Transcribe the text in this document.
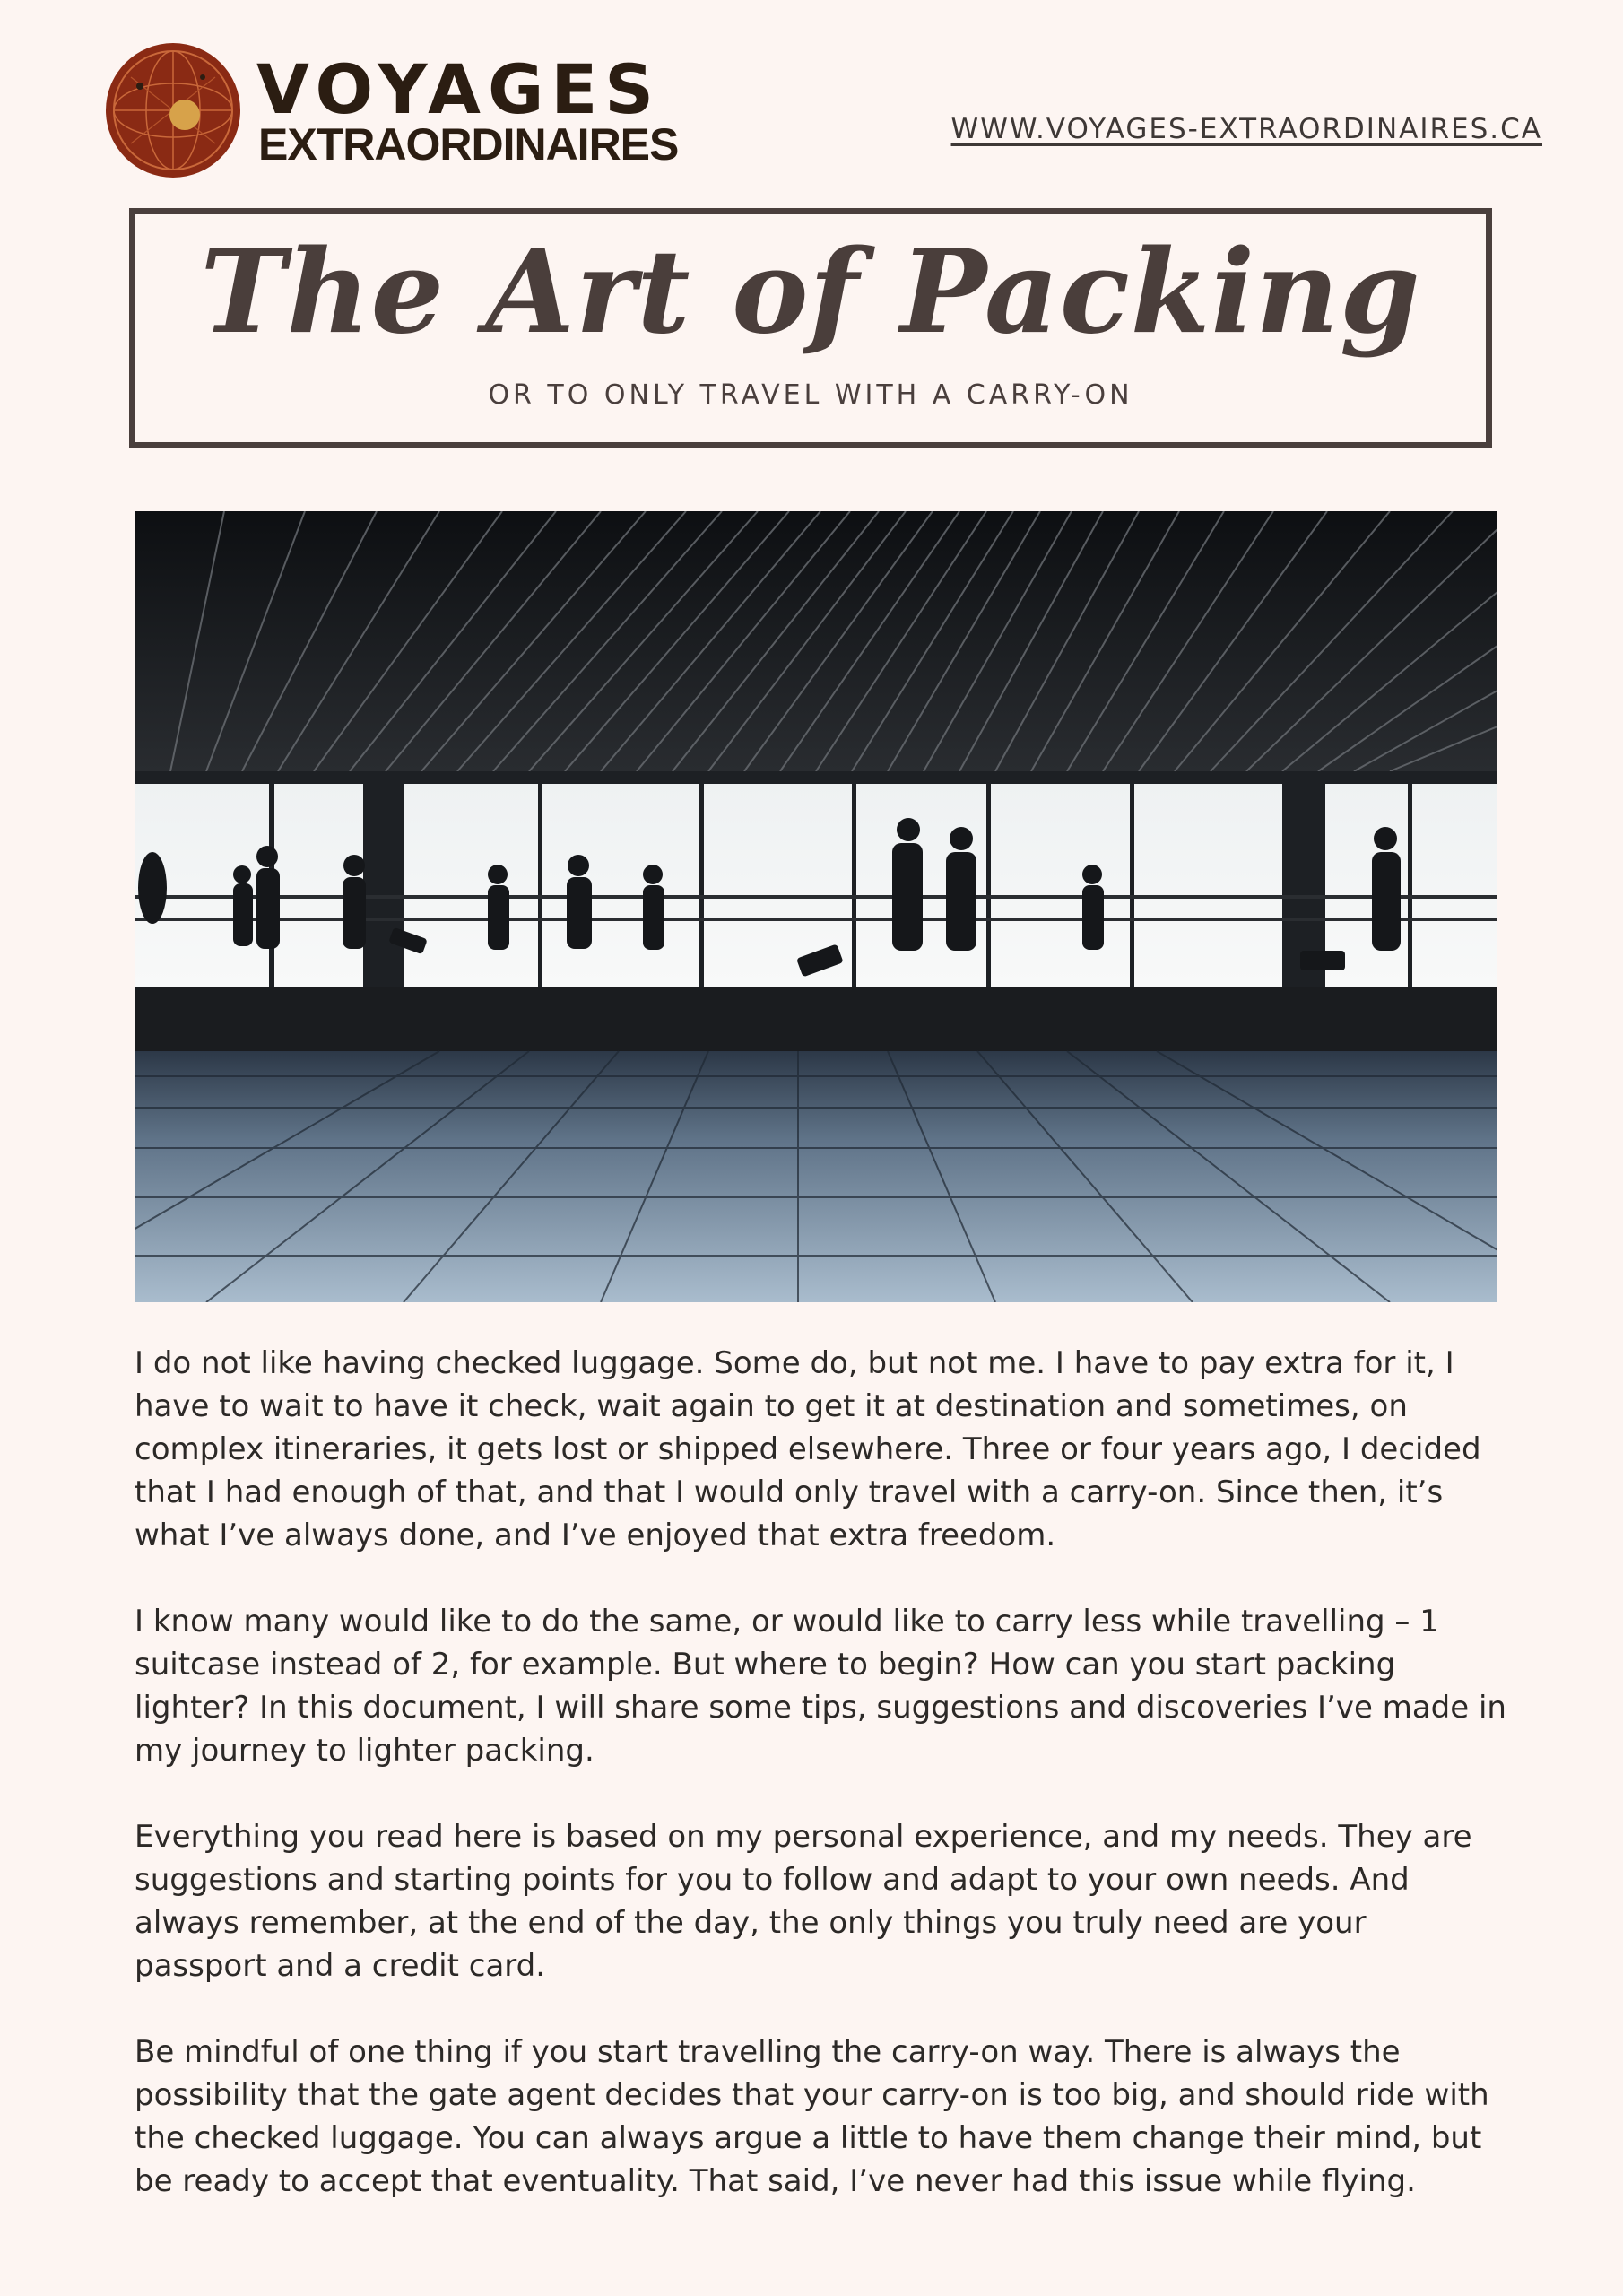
VOYAGES
EXTRAORDINAIRES	WWW.VOYAGES-EXTRAORDINAIRES.CA
The Art of Packing
OR TO ONLY TRAVEL WITH A CARRY-ON

I do not like having checked luggage. Some do, but not me. I have to pay extra for it, I have to wait to have it check, wait again to get it at destination and sometimes, on complex itineraries, it gets lost or shipped elsewhere. Three or four years ago, I decided that I had enough of that, and that I would only travel with a carry-on. Since then, it’s what I’ve always done, and I’ve enjoyed that extra freedom.

I know many would like to do the same, or would like to carry less while travelling – 1 suitcase instead of 2, for example. But where to begin? How can you start packing lighter? In this document, I will share some tips, suggestions and discoveries I’ve made in my journey to lighter packing.

Everything you read here is based on my personal experience, and my needs. They are suggestions and starting points for you to follow and adapt to your own needs. And always remember, at the end of the day, the only things you truly need are your passport and a credit card.

Be mindful of one thing if you start travelling the carry-on way. There is always the possibility that the gate agent decides that your carry-on is too big, and should ride with the checked luggage. You can always argue a little to have them change their mind, but be ready to accept that eventuality. That said, I’ve never had this issue while flying.
